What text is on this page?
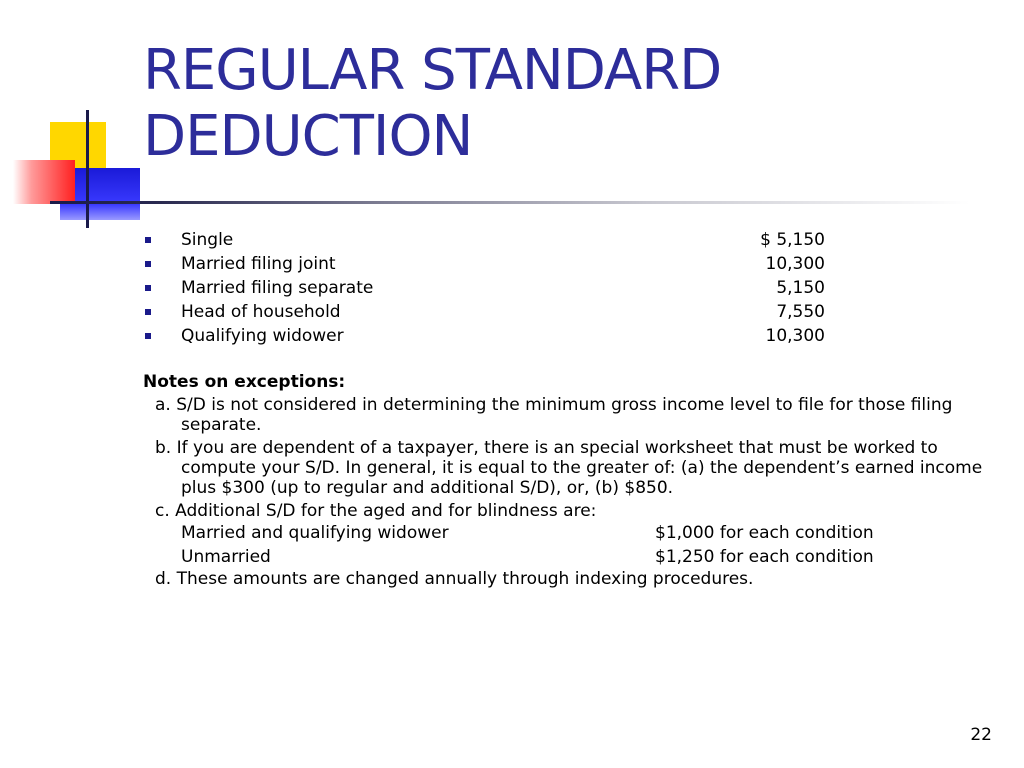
REGULAR STANDARD DEDUCTION
Single	$ 5,150
Married filing joint	10,300
Married filing separate	5,150
Head of household	7,550
Qualifying widower	10,300
Notes on exceptions:
a. S/D is not considered in determining the minimum gross income level to file for those filing separate.
b. If you are dependent of a taxpayer, there is an special worksheet that must be worked to compute your S/D. In general, it is equal to the greater of: (a) the dependent’s earned income plus $300 (up to regular and additional S/D), or, (b) $850.
c. Additional S/D for the aged and for blindness are:
Married and qualifying widower	$1,000 for each condition
Unmarried	$1,250 for each condition
d. These amounts are changed annually through indexing procedures.
22
